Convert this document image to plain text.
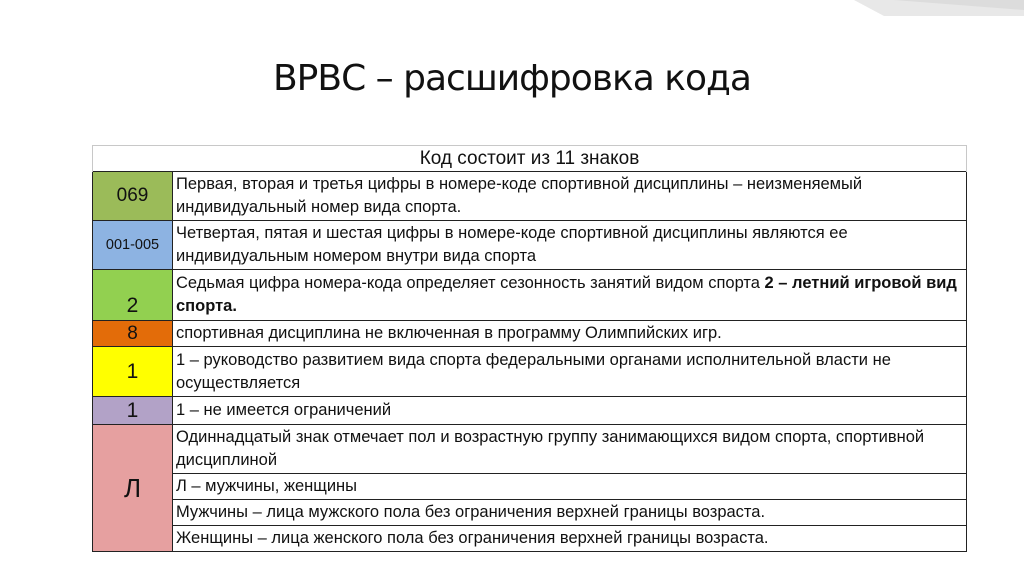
ВРВС – расшифровка кода
Код состоит из 11 знаков	
069	Первая, вторая и третья цифры в номере-коде спортивной дисциплины – неизменяемый индивидуальный номер вида спорта.
001-005	Четвертая, пятая и шестая цифры в номере-коде спортивной дисциплины являются ее индивидуальным номером внутри вида спорта
2	Седьмая цифра номера-кода определяет сезонность занятий видом спорта 2 – летний игровой вид спорта.
8	спортивная дисциплина не включенная в программу Олимпийских игр.
1	1 – руководство развитием вида спорта федеральными органами исполнительной власти не осуществляется
1	1 – не имеется ограничений
Л	Одиннадцатый знак отмечает пол и возрастную группу занимающихся видом спорта, спортивной дисциплиной
	Л – мужчины, женщины
	Мужчины – лица мужского пола без ограничения верхней границы возраста.
	Женщины – лица женского пола без ограничения верхней границы возраста.
